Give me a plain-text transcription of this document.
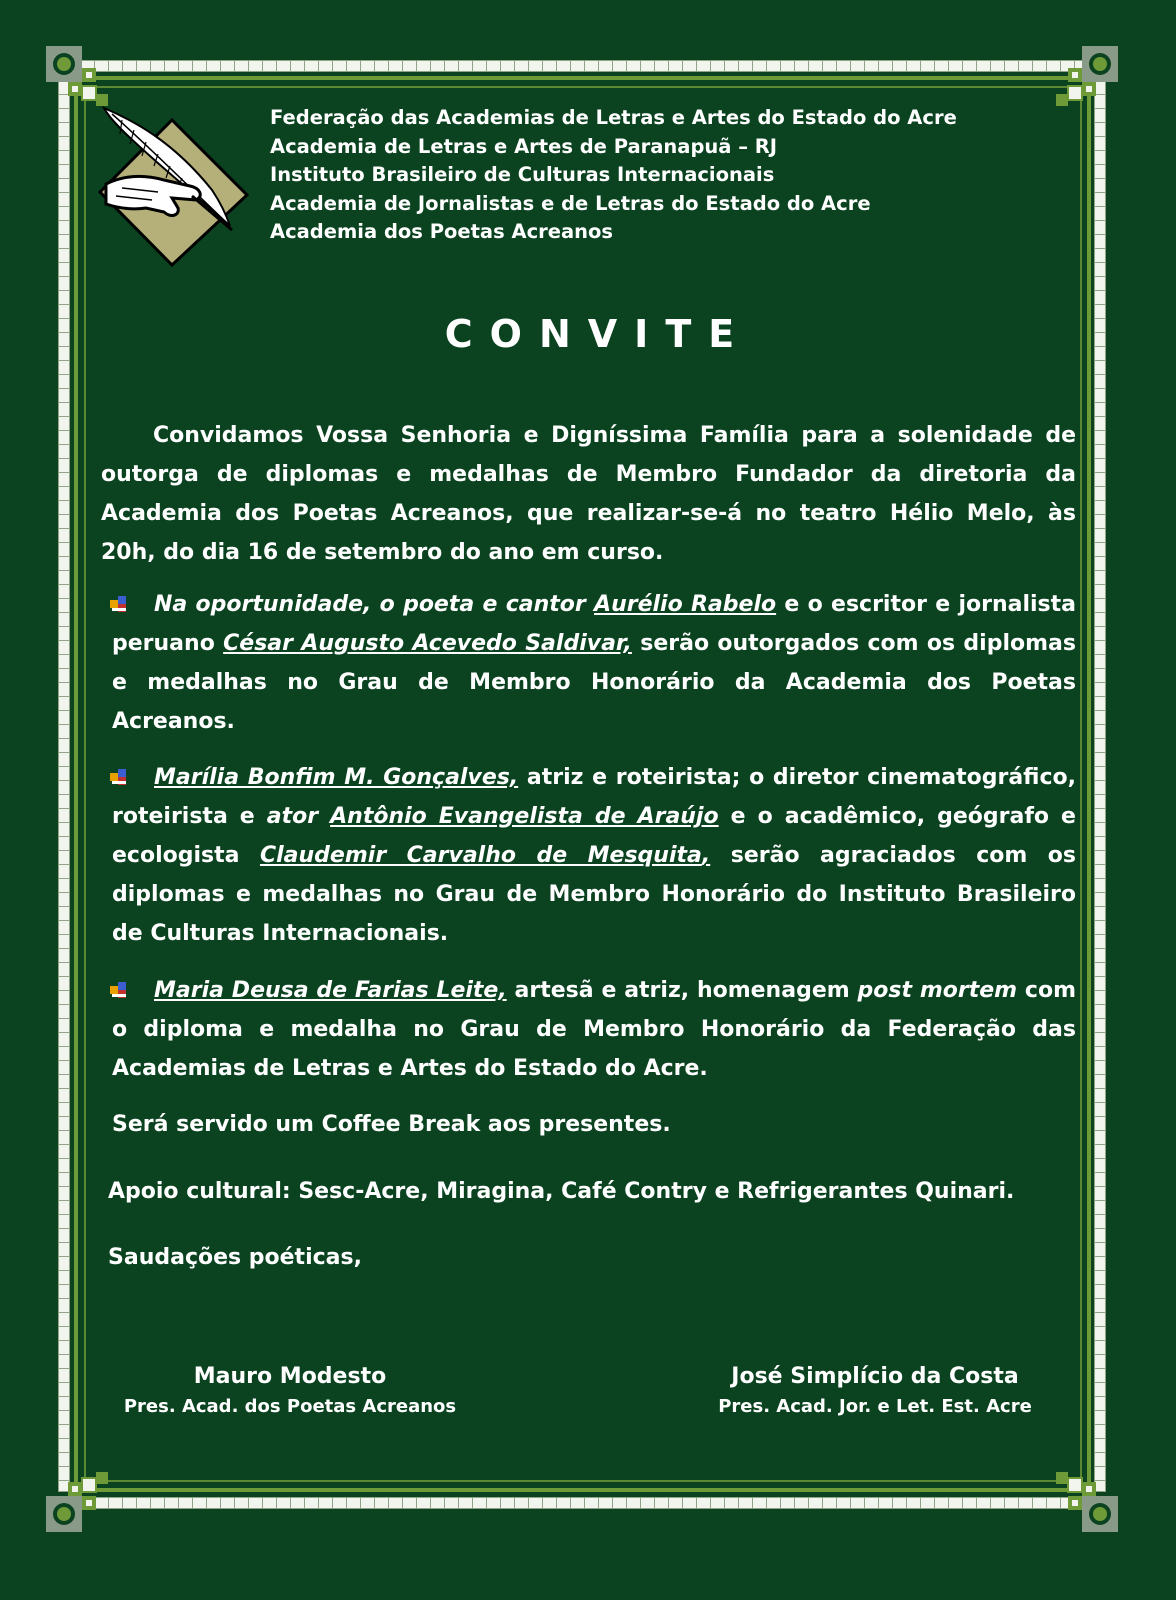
Federação das Academias de Letras e Artes do Estado do Acre
Academia de Letras e Artes de Paranapuã – RJ
Instituto Brasileiro de Culturas Internacionais
Academia de Jornalistas e de Letras do Estado do Acre
Academia dos Poetas Acreanos
CONVITE
Convidamos Vossa Senhoria e Digníssima Família para a solenidade de outorga de diplomas e medalhas de Membro Fundador da diretoria da Academia dos Poetas Acreanos, que realizar-se-á no teatro Hélio Melo, às 20h, do dia 16 de setembro do ano em curso.
Na oportunidade, o poeta e cantor Aurélio Rabelo e o escritor e jornalista peruano César Augusto Acevedo Saldivar, serão outorgados com os diplomas e medalhas no Grau de Membro Honorário da Academia dos Poetas Acreanos.
Marília Bonfim M. Gonçalves, atriz e roteirista; o diretor cinematográfico, roteirista e ator Antônio Evangelista de Araújo e o acadêmico, geógrafo e ecologista Claudemir Carvalho de Mesquita, serão agraciados com os diplomas e medalhas no Grau de Membro Honorário do Instituto Brasileiro de Culturas Internacionais.
Maria Deusa de Farias Leite, artesã e atriz, homenagem post mortem com o diploma e medalha no Grau de Membro Honorário da Federação das Academias de Letras e Artes do Estado do Acre.
Será servido um Coffee Break aos presentes.
Apoio cultural: Sesc-Acre, Miragina, Café Contry e Refrigerantes Quinari.
Saudações poéticas,
Mauro Modesto
Pres. Acad. dos Poetas Acreanos
José Simplício da Costa
Pres. Acad. Jor. e Let. Est. Acre
